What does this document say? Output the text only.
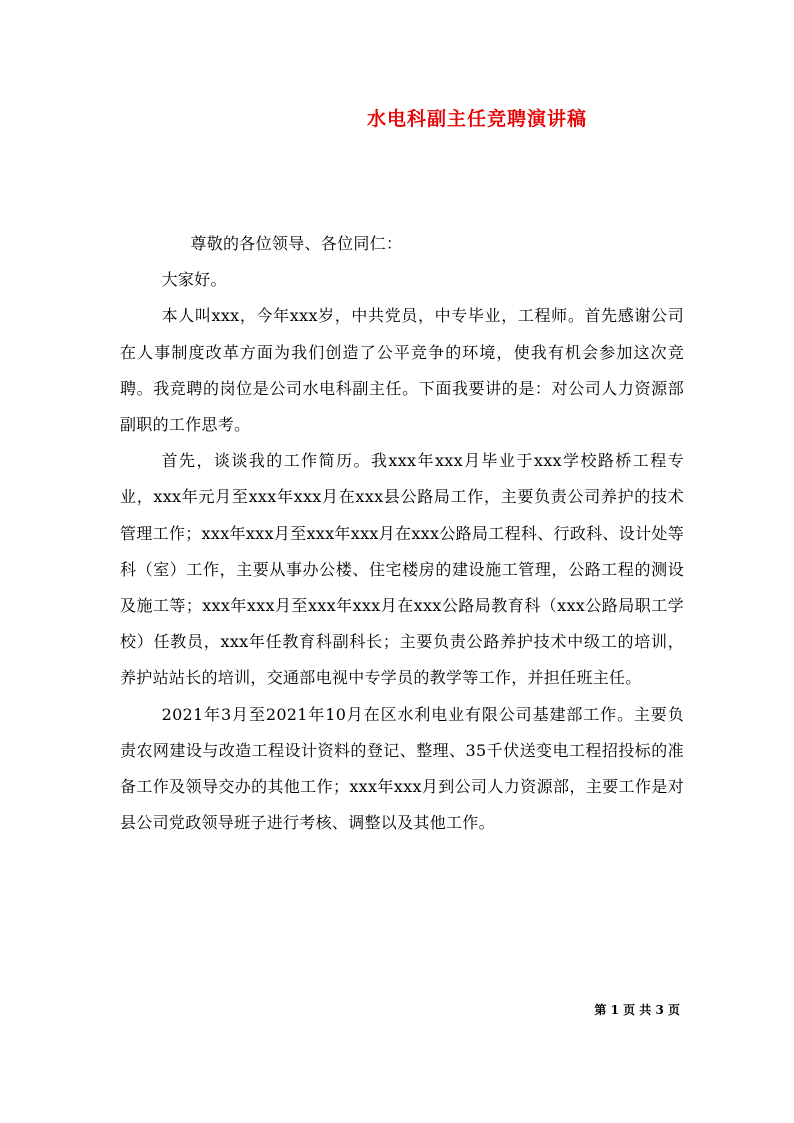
水电科副主任竞聘演讲稿

尊敬的各位领导、各位同仁：

大家好。

本人叫xxx，今年xxx岁，中共党员，中专毕业，工程师。首先感谢公司在人事制度改革方面为我们创造了公平竞争的环境，使我有机会参加这次竞聘。我竞聘的岗位是公司水电科副主任。下面我要讲的是：对公司人力资源部副职的工作思考。

首先，谈谈我的工作简历。我xxx年xxx月毕业于xxx学校路桥工程专业，xxx年元月至xxx年xxx月在xxx县公路局工作，主要负责公司养护的技术管理工作；xxx年xxx月至xxx年xxx月在xxx公路局工程科、行政科、设计处等科（室）工作，主要从事办公楼、住宅楼房的建设施工管理，公路工程的测设及施工等；xxx年xxx月至xxx年xxx月在xxx公路局教育科（xxx公路局职工学校）任教员，xxx年任教育科副科长；主要负责公路养护技术中级工的培训，养护站站长的培训，交通部电视中专学员的教学等工作，并担任班主任。

2021年3月至2021年10月在区水利电业有限公司基建部工作。主要负责农网建设与改造工程设计资料的登记、整理、35千伏送变电工程招投标的准备工作及领导交办的其他工作；xxx年xxx月到公司人力资源部，主要工作是对县公司党政领导班子进行考核、调整以及其他工作。

第 1 页 共 3 页
